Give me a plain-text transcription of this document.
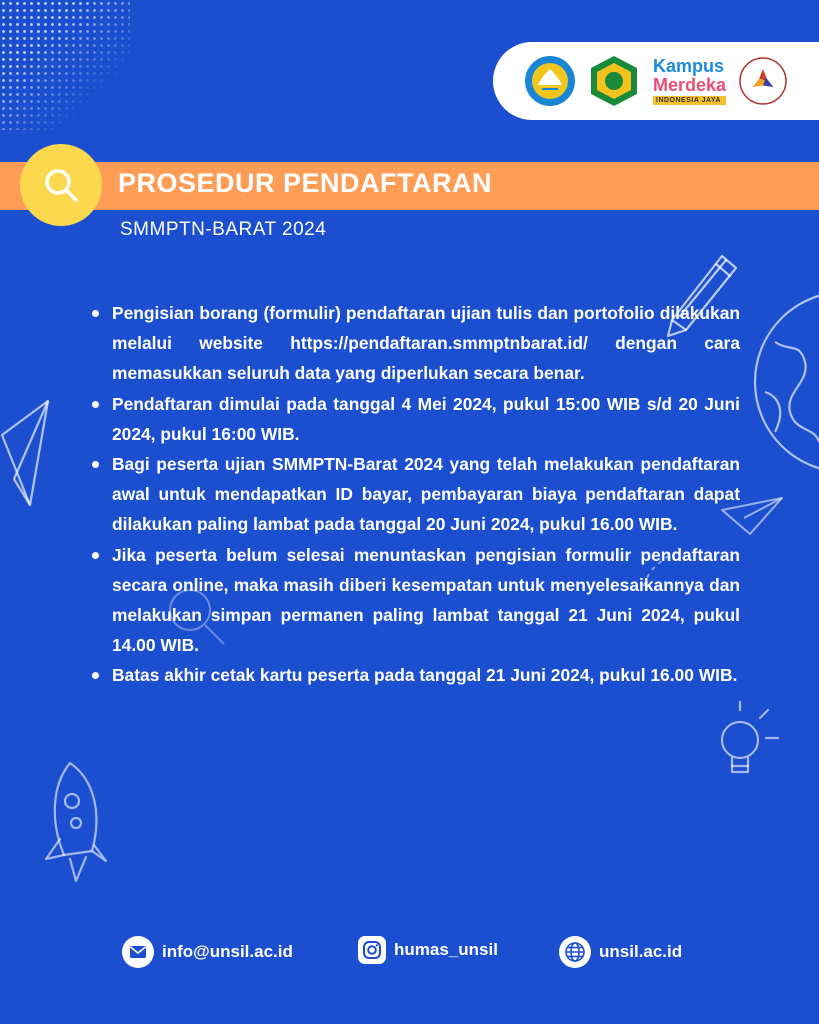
Kampus
Merdeka
INDONESIA JAYA
PROSEDUR PENDAFTARAN
SMMPTN-BARAT 2024
Pengisian borang (formulir) pendaftaran ujian tulis dan portofolio dilakukan melalui website https://pendaftaran.smmptnbarat.id/ dengan cara memasukkan seluruh data yang diperlukan secara benar.
Pendaftaran dimulai pada tanggal 4 Mei 2024, pukul 15:00 WIB s/d 20 Juni 2024, pukul 16:00 WIB.
Bagi peserta ujian SMMPTN-Barat 2024 yang telah melakukan pendaftaran awal untuk mendapatkan ID bayar, pembayaran biaya pendaftaran dapat dilakukan paling lambat pada tanggal 20 Juni 2024, pukul 16.00 WIB.
Jika peserta belum selesai menuntaskan pengisian formulir pendaftaran secara online, maka masih diberi kesempatan untuk menyelesaikannya dan melakukan simpan permanen paling lambat tanggal 21 Juni 2024, pukul 14.00 WIB.
Batas akhir cetak kartu peserta pada tanggal 21 Juni 2024, pukul 16.00 WIB.
info@unsil.ac.id	humas_unsil	unsil.ac.id
